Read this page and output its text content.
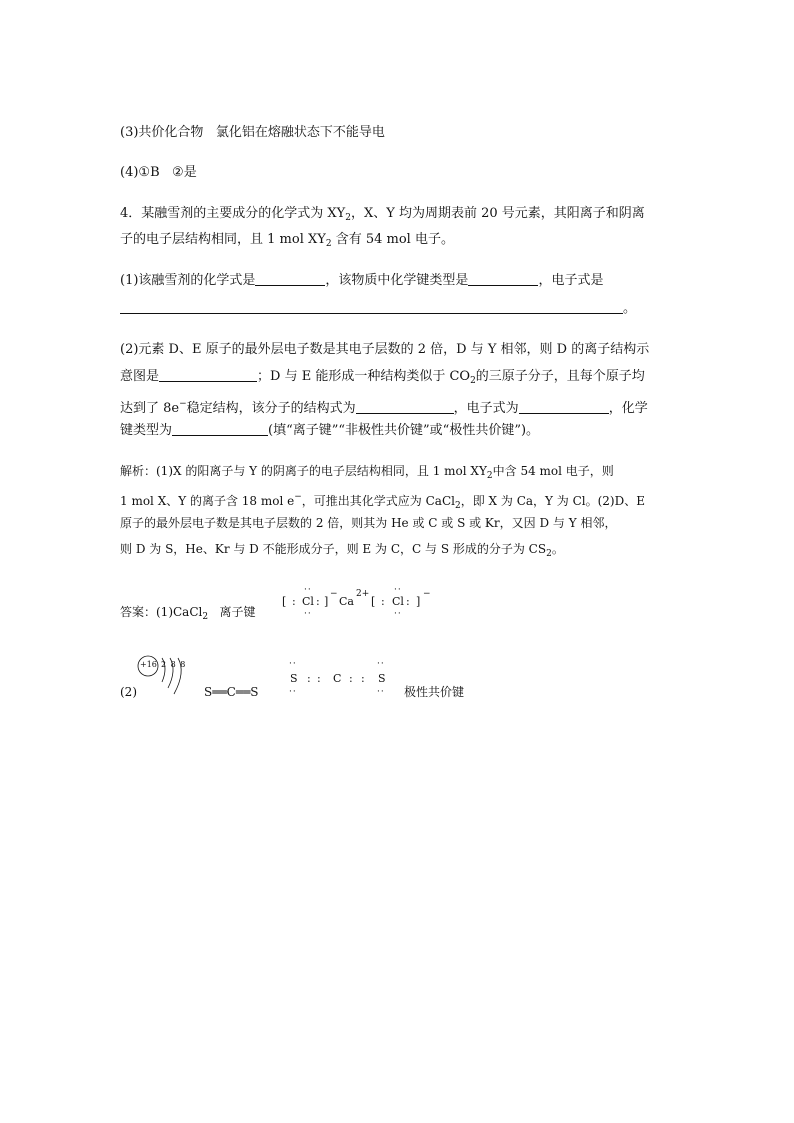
(3)共价化合物 氯化铝在熔融状态下不能导电
(4)①B ②是
4．某融雪剂的主要成分的化学式为 $XY_2$，X、Y 均为周期表前 20 号元素，其阳离子和阴离
子的电子层结构相同，且 1 mol $XY_2$ 含有 54 mol 电子。
(1)该融雪剂的化学式是	，该物质中化学键类型是	，电子式是
。
(2)元素 D、E 原子的最外层电子数是其电子层数的 2 倍，D 与 Y 相邻，则 D 的离子结构示
意图是	；D 与 E 能形成一种结构类似于 $CO_2$的三原子分子，且每个原子均
达到了 8e−稳定结构，该分子的结构式为	，电子式为	，化学
键类型为	(填“离子键”“非极性共价键”或“极性共价键”)。
解析：(1)X 的阳离子与 Y 的阴离子的电子层结构相同，且 1 mol $XY_2$中含 54 mol 电子，则
1 mol X、Y 的离子含 18 mol e−，可推出其化学式应为 CaCl$_2$，即 X 为 Ca，Y 为 Cl。(2)D、E
原子的最外层电子数是其电子层数的 2 倍，则其为 He 或 C 或 S 或 Kr，又因 D 与 Y 相邻，
则 D 为 S，He、Kr 与 D 不能形成分子，则 E 为 C，C 与 S 形成的分子为 $CS_2$。
答案：(1)CaCl$_2$ 离子键
[
··
: Cl :
··
]
−
Ca
2+
[
··
: Cl :
··
]
−
(2)
+16 2 8 8
S══C══S
··
S
··
: : C : :
··
S
·· 极性共价键
